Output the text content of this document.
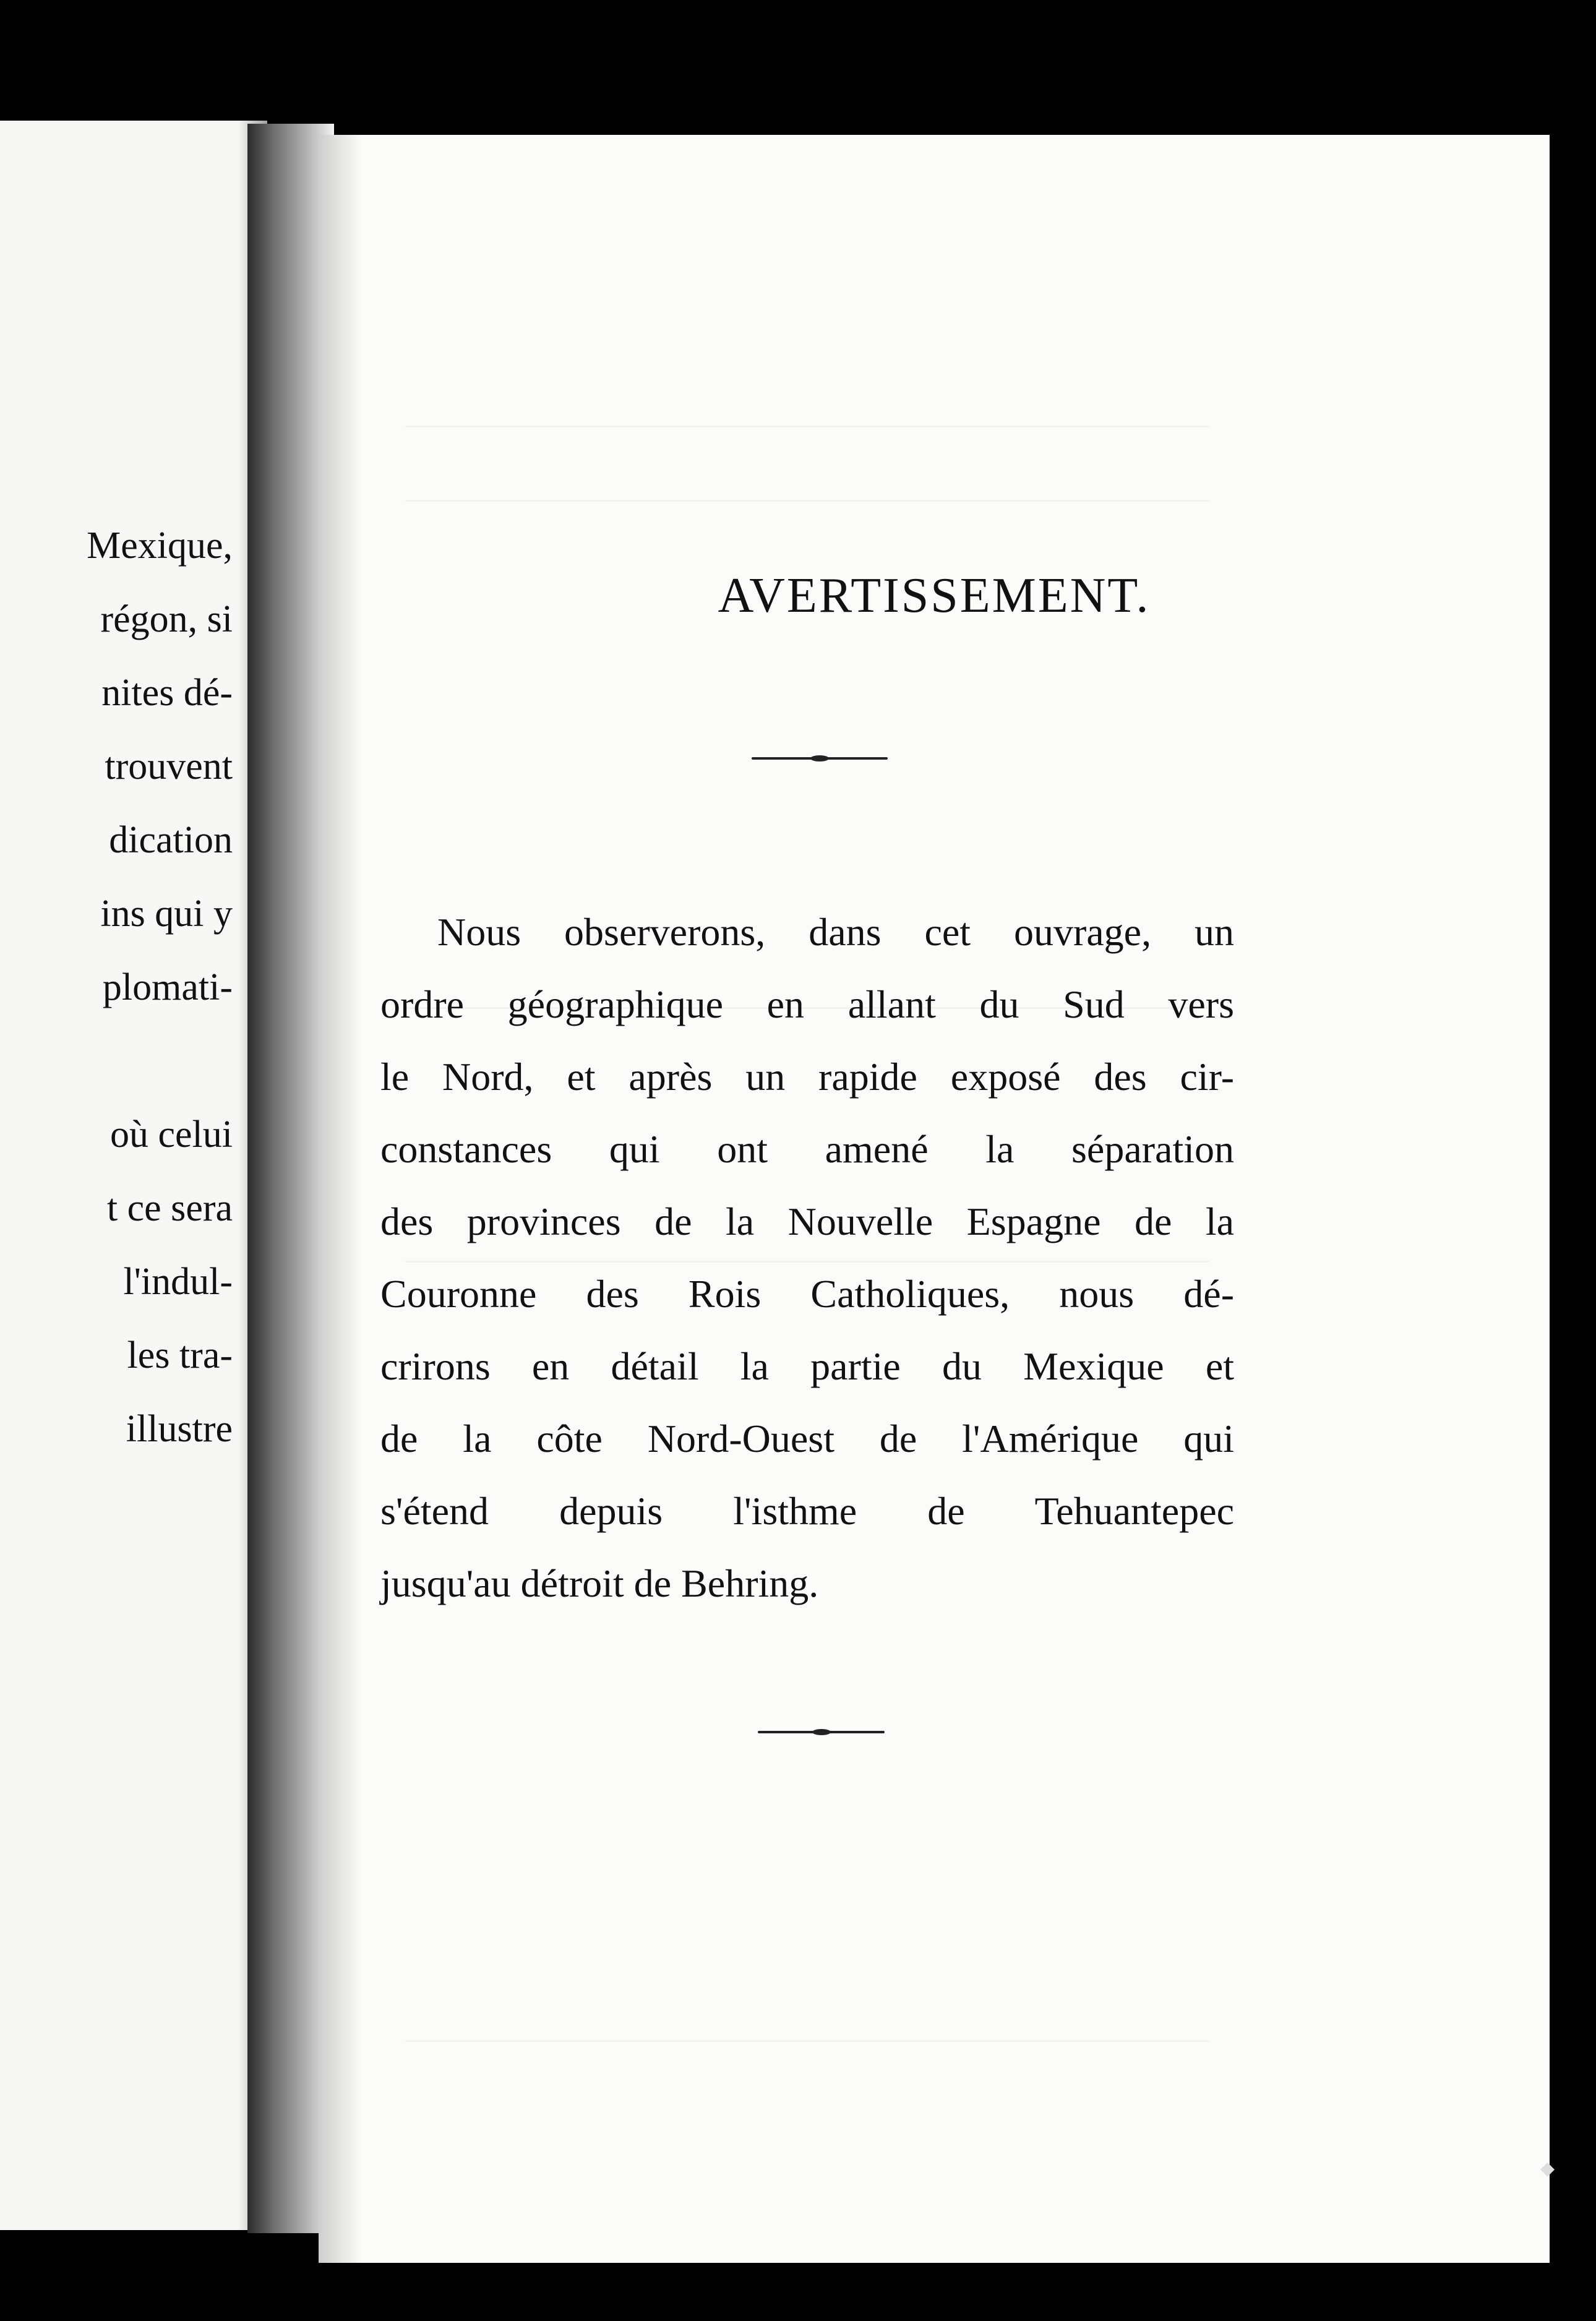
Mexique,
régon, si
nites dé-
trouvent
dication
ins qui y
plomati-

où celui
t ce sera
l'indul-
les tra-
illustre
AVERTISSEMENT.
Nous observerons, dans cet ouvrage, un
ordre géographique en allant du Sud vers
le Nord, et après un rapide exposé des cir-
constances qui ont amené la séparation
des provinces de la Nouvelle Espagne de la
Couronne des Rois Catholiques, nous dé-
crirons en détail la partie du Mexique et
de la côte Nord-Ouest de l'Amérique qui
s'étend depuis l'isthme de Tehuantepec
jusqu'au détroit de Behring.
◆
